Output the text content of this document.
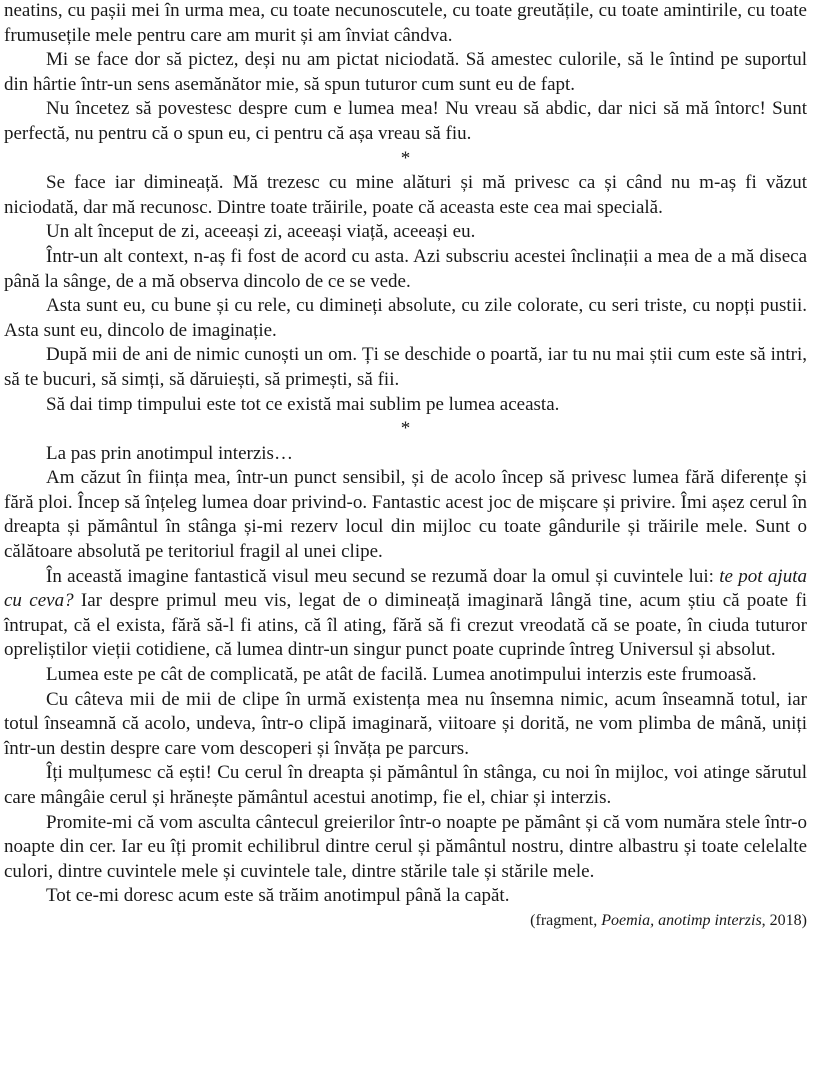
neatins, cu pașii mei în urma mea, cu toate necunoscutele, cu toate greutățile, cu toate amintirile, cu toate frumusețile mele pentru care am murit și am înviat cândva.

Mi se face dor să pictez, deși nu am pictat niciodată. Să amestec culorile, să le întind pe suportul din hârtie într-un sens asemănător mie, să spun tuturor cum sunt eu de fapt.

Nu încetez să povestesc despre cum e lumea mea! Nu vreau să abdic, dar nici să mă întorc! Sunt perfectă, nu pentru că o spun eu, ci pentru că așa vreau să fiu.

*

Se face iar dimineață. Mă trezesc cu mine alături și mă privesc ca și când nu m-aș fi văzut niciodată, dar mă recunosc. Dintre toate trăirile, poate că aceasta este cea mai specială.

Un alt început de zi, aceeași zi, aceeași viață, aceeași eu.

Într-un alt context, n-aș fi fost de acord cu asta. Azi subscriu acestei înclinații a mea de a mă diseca până la sânge, de a mă observa dincolo de ce se vede.

Asta sunt eu, cu bune și cu rele, cu dimineți absolute, cu zile colorate, cu seri triste, cu nopți pustii. Asta sunt eu, dincolo de imaginație.

După mii de ani de nimic cunoști un om. Ți se deschide o poartă, iar tu nu mai știi cum este să intri, să te bucuri, să simți, să dăruiești, să primești, să fii.

Să dai timp timpului este tot ce există mai sublim pe lumea aceasta.

*

La pas prin anotimpul interzis…

Am căzut în ființa mea, într-un punct sensibil, și de acolo încep să privesc lumea fără diferențe și fără ploi. Încep să înțeleg lumea doar privind-o. Fantastic acest joc de mișcare și privire. Îmi așez cerul în dreapta și pământul în stânga și-mi rezerv locul din mijloc cu toate gândurile și trăirile mele. Sunt o călătoare absolută pe teritoriul fragil al unei clipe.

În această imagine fantastică visul meu secund se rezumă doar la omul și cuvintele lui: te pot ajuta cu ceva? Iar despre primul meu vis, legat de o dimineață imaginară lângă tine, acum știu că poate fi întrupat, că el exista, fără să-l fi atins, că îl ating, fără să fi crezut vreodată că se poate, în ciuda tuturor opreliștilor vieții cotidiene, că lumea dintr-un singur punct poate cuprinde întreg Universul și absolut.

Lumea este pe cât de complicată, pe atât de facilă. Lumea anotimpului interzis este frumoasă.

Cu câteva mii de mii de clipe în urmă existența mea nu însemna nimic, acum înseamnă totul, iar totul înseamnă că acolo, undeva, într-o clipă imaginară, viitoare și dorită, ne vom plimba de mână, uniți într-un destin despre care vom descoperi și învăța pe parcurs.

Îți mulțumesc că ești! Cu cerul în dreapta și pământul în stânga, cu noi în mijloc, voi atinge sărutul care mângâie cerul și hrănește pământul acestui anotimp, fie el, chiar și interzis.

Promite-mi că vom asculta cântecul greierilor într-o noapte pe pământ și că vom număra stele într-o noapte din cer. Iar eu îți promit echilibrul dintre cerul și pământul nostru, dintre albastru și toate celelalte culori, dintre cuvintele mele și cuvintele tale, dintre stările tale și stările mele.

Tot ce-mi doresc acum este să trăim anotimpul până la capăt.

(fragment, Poemia, anotimp interzis, 2018)
